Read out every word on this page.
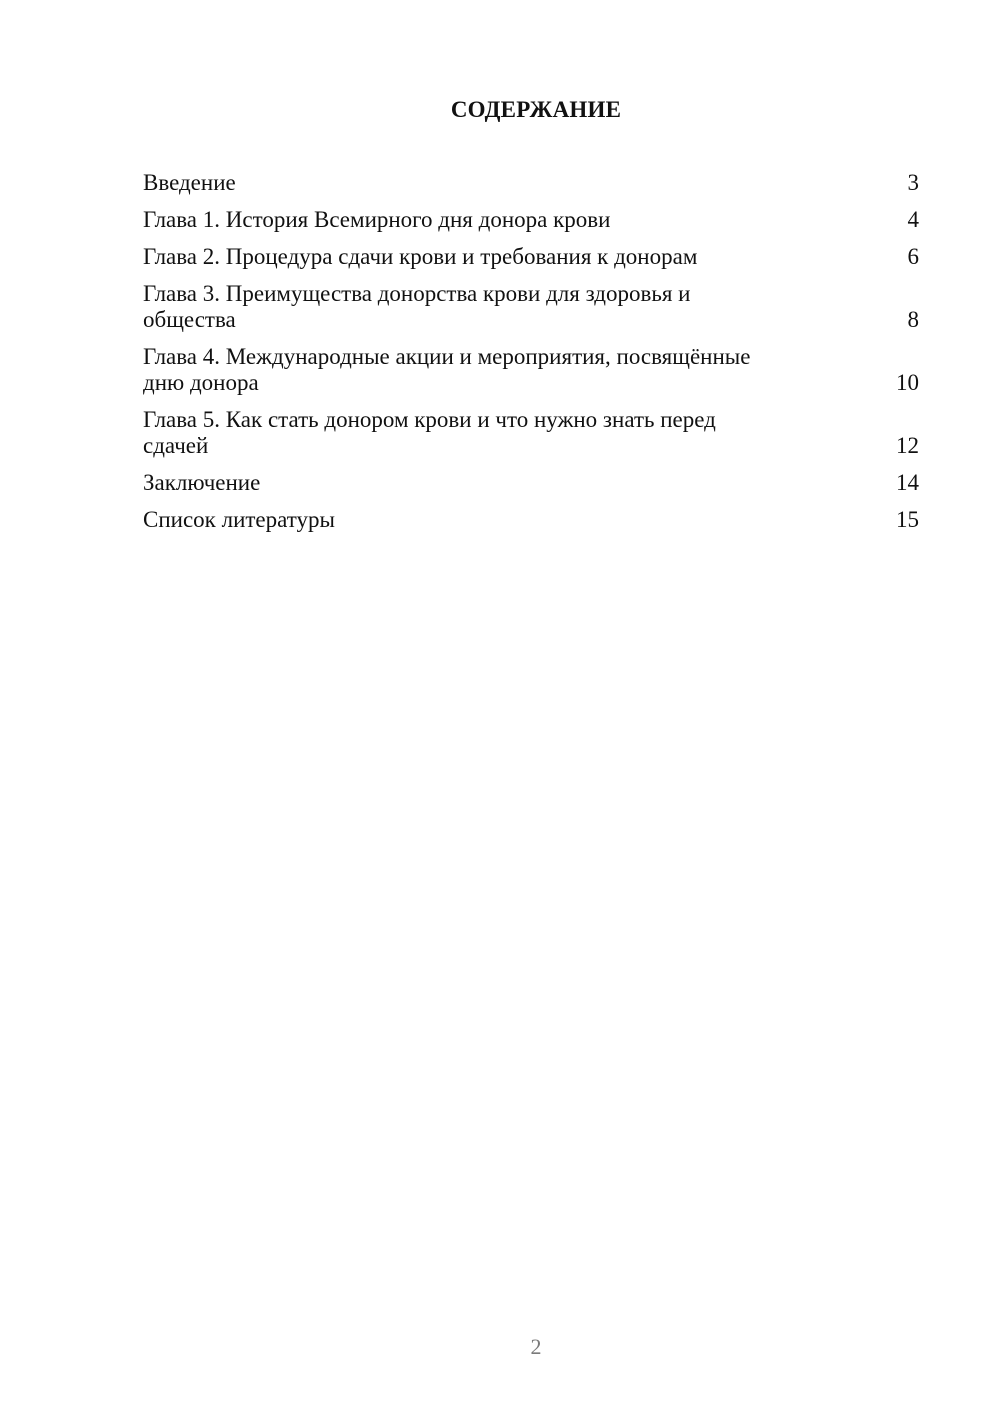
СОДЕРЖАНИЕ
Введение	3
Глава 1. История Всемирного дня донора крови	4
Глава 2. Процедура сдачи крови и требования к донорам	6
Глава 3. Преимущества донорства крови для здоровья и
общества	8
Глава 4. Международные акции и мероприятия, посвящённые
дню донора	10
Глава 5. Как стать донором крови и что нужно знать перед
сдачей	12
Заключение	14
Список литературы	15
2
